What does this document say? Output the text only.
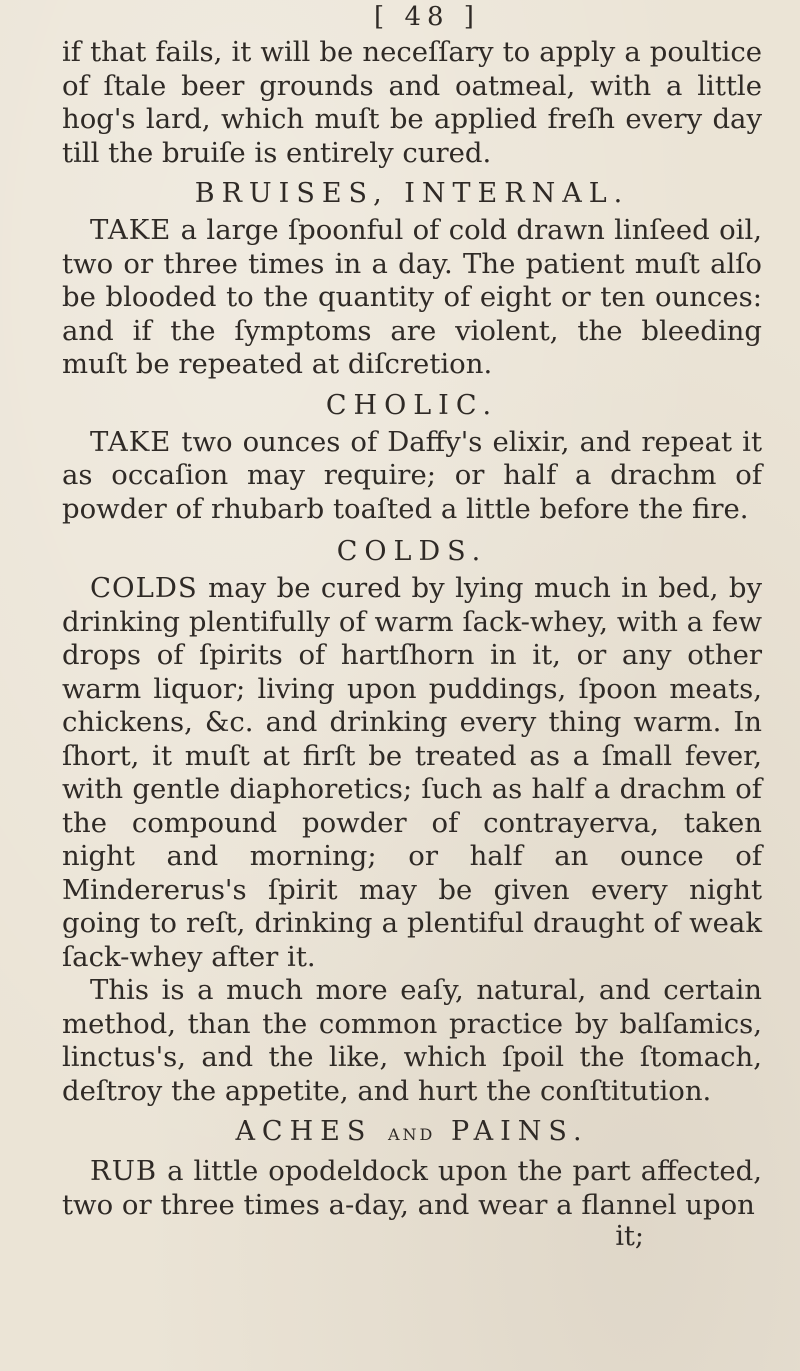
[ 48 ]

if that fails, it will be neceſſary to apply a poultice of ſtale beer grounds and oatmeal, with a little hog's lard, which muſt be applied freſh every day till the bruiſe is entirely cured.

BRUISES, INTERNAL.

TAKE a large ſpoonful of cold drawn linſeed oil, two or three times in a day. The patient muſt alſo be blooded to the quantity of eight or ten ounces: and if the ſymptoms are violent, the bleeding muſt be repeated at diſcretion.

CHOLIC.

TAKE two ounces of Daffy's elixir, and repeat it as occaſion may require; or half a drachm of powder of rhubarb toaſted a little before the fire.

COLDS.

COLDS may be cured by lying much in bed, by drinking plentifully of warm ſack-whey, with a few drops of ſpirits of hartſhorn in it, or any other warm liquor; living upon puddings, ſpoon meats, chickens, &c. and drinking every thing warm. In ſhort, it muſt at firſt be treated as a ſmall fever, with gentle diaphoretics; ſuch as half a drachm of the compound powder of contrayerva, taken night and morning; or half an ounce of Mindererus's ſpirit may be given every night going to reſt, drinking a plentiful draught of weak ſack-whey after it.

This is a much more eaſy, natural, and certain method, than the common practice by balſamics, linctus's, and the like, which ſpoil the ſtomach, deſtroy the appetite, and hurt the conſtitution.

ACHES AND PAINS.

RUB a little opodeldock upon the part affected, two or three times a-day, and wear a flannel upon

it;
